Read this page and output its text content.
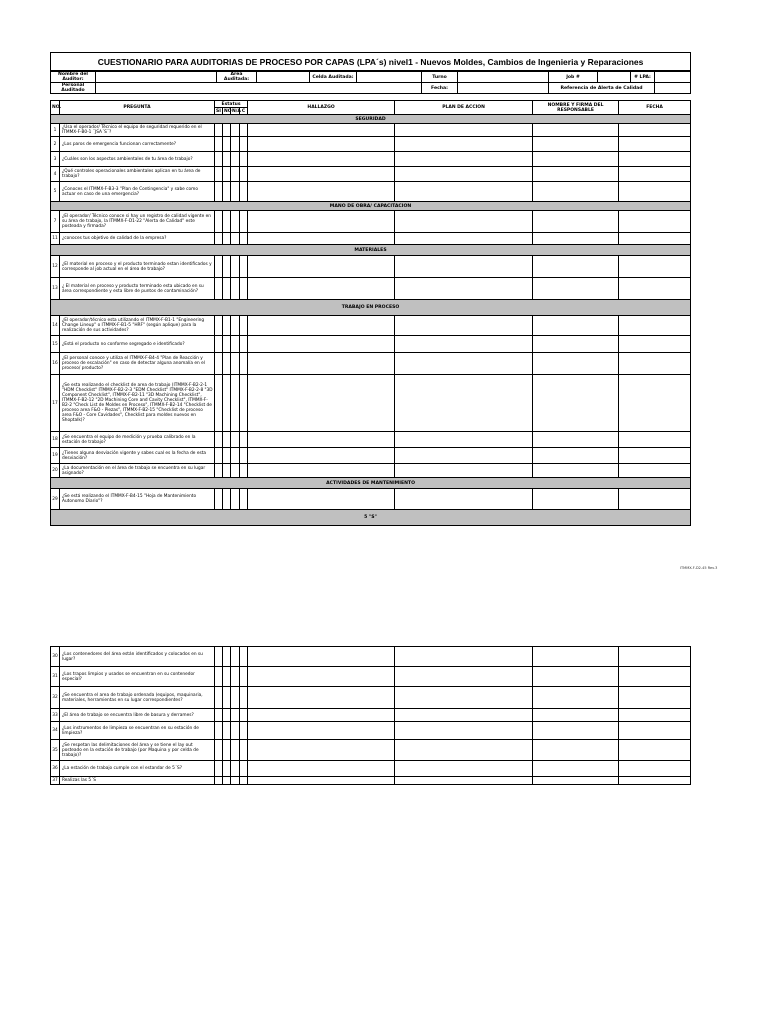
CUESTIONARIO PARA AUDITORIAS DE PROCESO POR CAPAS (LPA´s) nivel1 - Nuevos Moldes, Cambios de Ingenieria y Reparaciones
Nombre del Auditor:		Area Auditada:		Celda Auditada:		Turno		Job #		# LPA:	
Personal Auditado						Fecha:		Referencia de Alerta de Calidad			
NO.	PREGUNTA	Estatus				HALLAZGO	PLAN DE ACCION	NOMBRE Y FIRMA DEL RESPONSABLE	FECHA
		SI	NO	N/A	C				
SEGURIDAD									
1	¿Usa el operador/ Técnico el equipo de seguridad requerido en el ITMMX-F-B0-1 ¨JSA´S¨?								
2	¿Los paros de emergencia funcionan correctamente?								
3	¿Cuáles son los aspectos ambientales de tu área de trabajo?								
4	¿Qué controles operacionales ambientales aplican en tu área de trabajo?								
5	¿Conoces el ITMMX-F-B3-3 "Plan de Contingencia" y sabe como actuar en caso de una emergencia?								
MANO DE OBRA/ CAPACITACION									
7	¿El operador/ Técnico conoce si hay un registro de calidad vigente en su área de trabajo, la ITMMX-F-D1-22 "Alerta de Calidad" este posteada y firmada?								
11	¿conoces tus objetivo de calidad de la empresa?								
MATERIALES									
12	¿El material en proceso y el producto terminado estan identificados y corresponde al job actual en el área de trabajo?								
13	¿ El material en proceso y producto terminado esta ubicado en su área correspondiente y esta libre de puntos de contaminación?								
TRABAJO EN PROCESO									
14	¿El operador/técnico esta utilizando el ITMMX-F-B1-1 "Engineering Change Lineup" o ITMMX-F-B1-5 "HRF" (según aplique) para la realización de sus actividades?								
15	¿Está el producto no conforme segregado e identificado?								
16	¿El personal conoce y utiliza el ITMMX-F-B4-4 "Plan de Reacción y proceso de escalación" en caso de detectar alguna anomalía en el proceso/ producto?								
17	¿Se esta realizando el checklist de area de trabajo (ITMMX-F-B2-2-1 "HDM Checklist" ITMMX-F-B2-2-3 "EDM Checklist" ITMMX-F-B2-2-8 "3D Component Checklist", ITMMX-F-B2-11 "3D Machining Checklist", ITMMX-F-B2-12 "2D Machining Core and Cavity Checklist", ITMMX-F-B2-2 "Check List de Moldes en Proceso", ITMMX-F-B2-14 "Checklist de proceso area F&O - Piezas", ITMMX-F-B2-15 "Checklist de proceso area F&O - Core Cavidades", Checklist para moldes nuevos en Shoptalk)?								
18	¿Se encuentra el equipo de medición y prueba calibrado en la estación de trabajo?								
19	¿Tienes alguna desviación vigente y sabes cual es la fecha de esta desviación?								
20	¿La documentación en el área de trabajo se encuentra en su lugar asignado?								
ACTIVIDADES DE MANTENIMIENTO									
29	¿Se está realizando el ITMMX-F-B4-15 "Hoja de Mantenimiento Autonomo Diario"?								
5 "S"									
ITMMX-F-D2-45 Rev.3
30	¿Los contenedores del área están identificados y colocados en su lugar?								
31	¿Los trapos limpios y usados se encuentran en su contenedor especial?								
32	¿Se encuentra el area de trabajo ordenada (equipos, maquinaria, materiales, herramientas en su lugar correspondientes?								
33	¿El área de trabajo se encuentra libre de basura y derrames?								
34	¿Los instrumentos de limpieza se encuentran en su estación de limpieza?								
35	¿Se respetan las delimitaciones del área y se tiene el lay out posteado en la estación de trabajo (por Maquina y por celda de trabajo)?								
36	¿La estación de trabajo cumple con el estandar de 5´S?								
37	Realizas las 5´S								
